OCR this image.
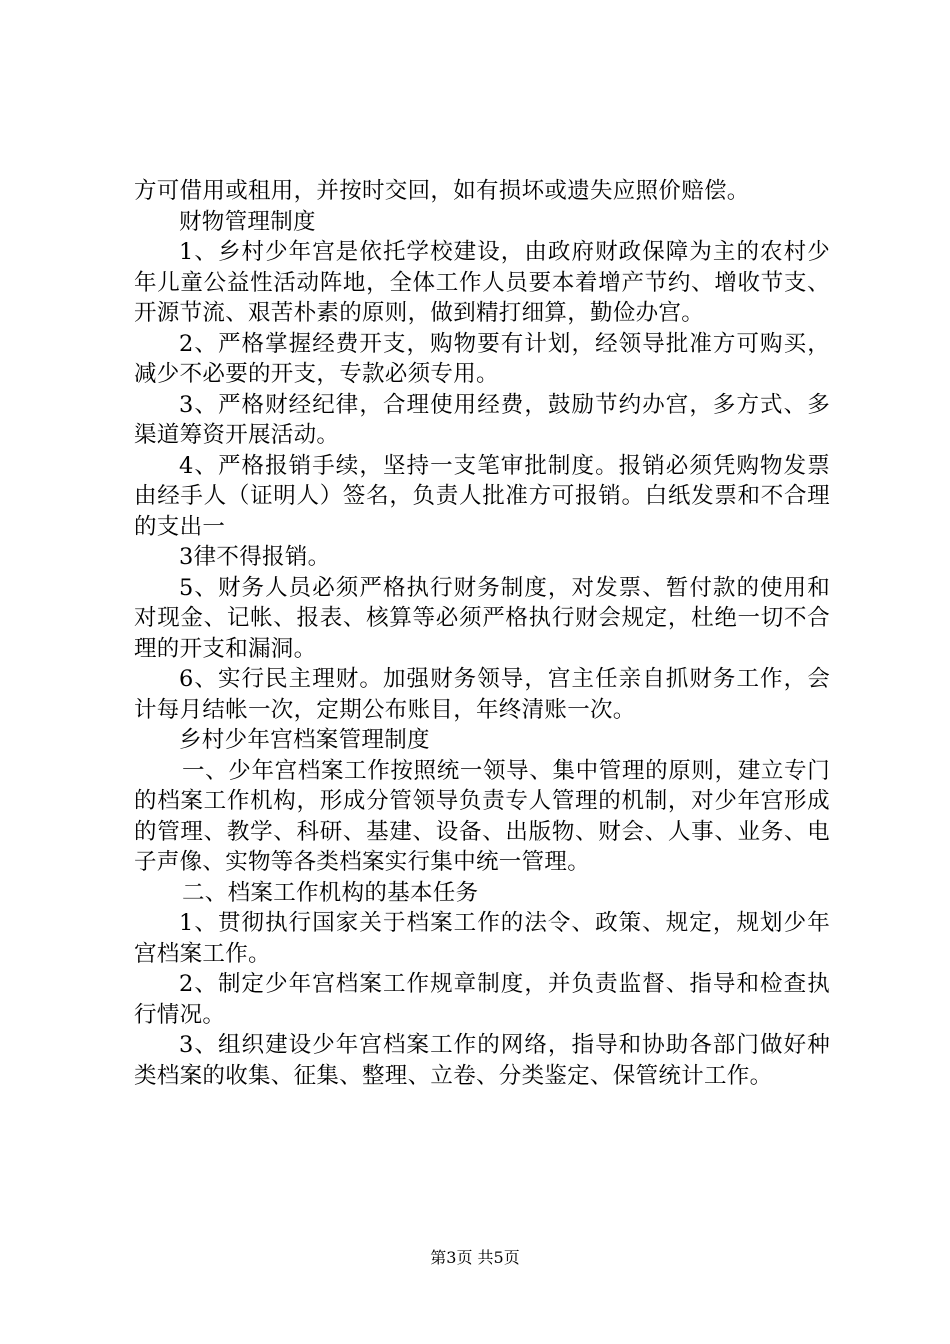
方可借用或租用，并按时交回，如有损坏或遗失应照价赔偿。

财物管理制度

1、乡村少年宫是依托学校建设，由政府财政保障为主的农村少年儿童公益性活动阵地，全体工作人员要本着增产节约、增收节支、开源节流、艰苦朴素的原则，做到精打细算，勤俭办宫。

2、严格掌握经费开支，购物要有计划，经领导批准方可购买，减少不必要的开支，专款必须专用。

3、严格财经纪律，合理使用经费，鼓励节约办宫，多方式、多渠道筹资开展活动。

4、严格报销手续，坚持一支笔审批制度。报销必须凭购物发票由经手人（证明人）签名，负责人批准方可报销。白纸发票和不合理的支出一

3律不得报销。

5、财务人员必须严格执行财务制度，对发票、暂付款的使用和对现金、记帐、报表、核算等必须严格执行财会规定，杜绝一切不合理的开支和漏洞。

6、实行民主理财。加强财务领导，宫主任亲自抓财务工作，会计每月结帐一次，定期公布账目，年终清账一次。

乡村少年宫档案管理制度

一、少年宫档案工作按照统一领导、集中管理的原则，建立专门的档案工作机构，形成分管领导负责专人管理的机制，对少年宫形成的管理、教学、科研、基建、设备、出版物、财会、人事、业务、电子声像、实物等各类档案实行集中统一管理。

二、档案工作机构的基本任务

1、贯彻执行国家关于档案工作的法令、政策、规定，规划少年宫档案工作。

2、制定少年宫档案工作规章制度，并负责监督、指导和检查执行情况。

3、组织建设少年宫档案工作的网络，指导和协助各部门做好种类档案的收集、征集、整理、立卷、分类鉴定、保管统计工作。

第3页 共5页
